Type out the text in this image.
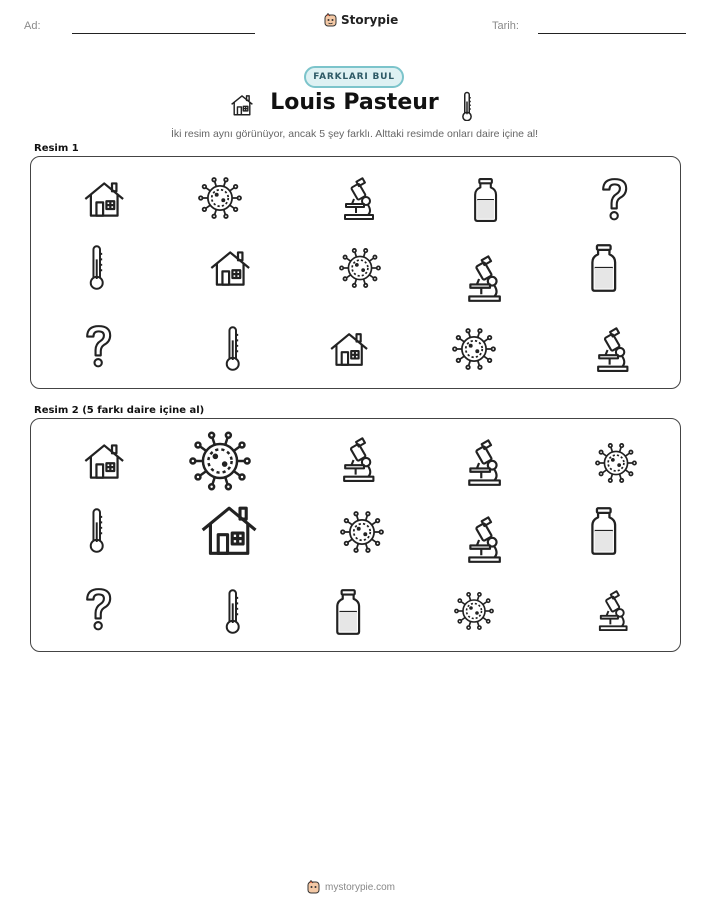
Ad:	Storypie	Tarih:
FARKLARI BUL
Louis Pasteur
İki resim aynı görünüyor, ancak 5 şey farklı. Alttaki resimde onları daire içine al!
Resim 1
Resim 2 (5 farkı daire içine al)
mystorypie.com
